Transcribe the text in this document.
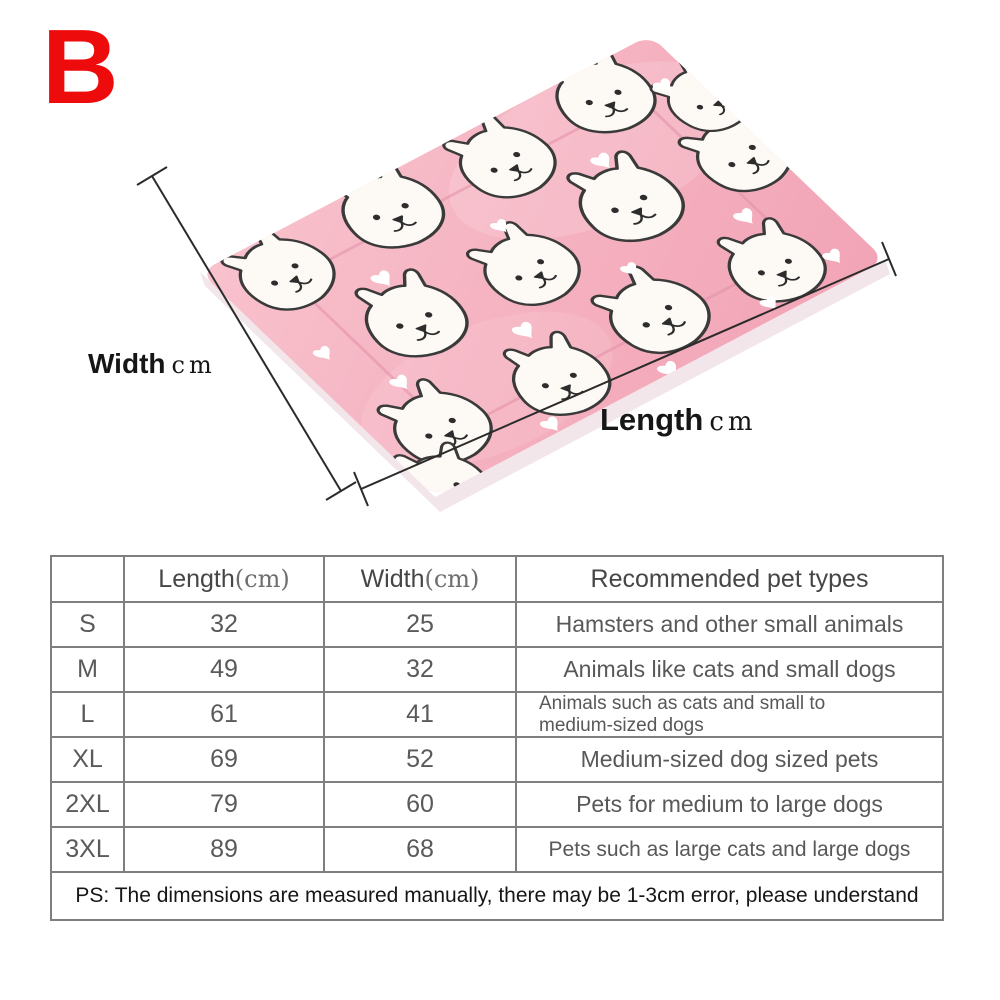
B
Width cm
Length cm
	Length(cm)	Width(cm)	Recommended pet types
S	32	25	Hamsters and other small animals
M	49	32	Animals like cats and small dogs
L	61	41	Animals such as cats and small to medium-sized dogs
XL	69	52	Medium-sized dog sized pets
2XL	79	60	Pets for medium to large dogs
3XL	89	68	Pets such as large cats and large dogs
PS: The dimensions are measured manually, there may be 1-3cm error, please understand			
